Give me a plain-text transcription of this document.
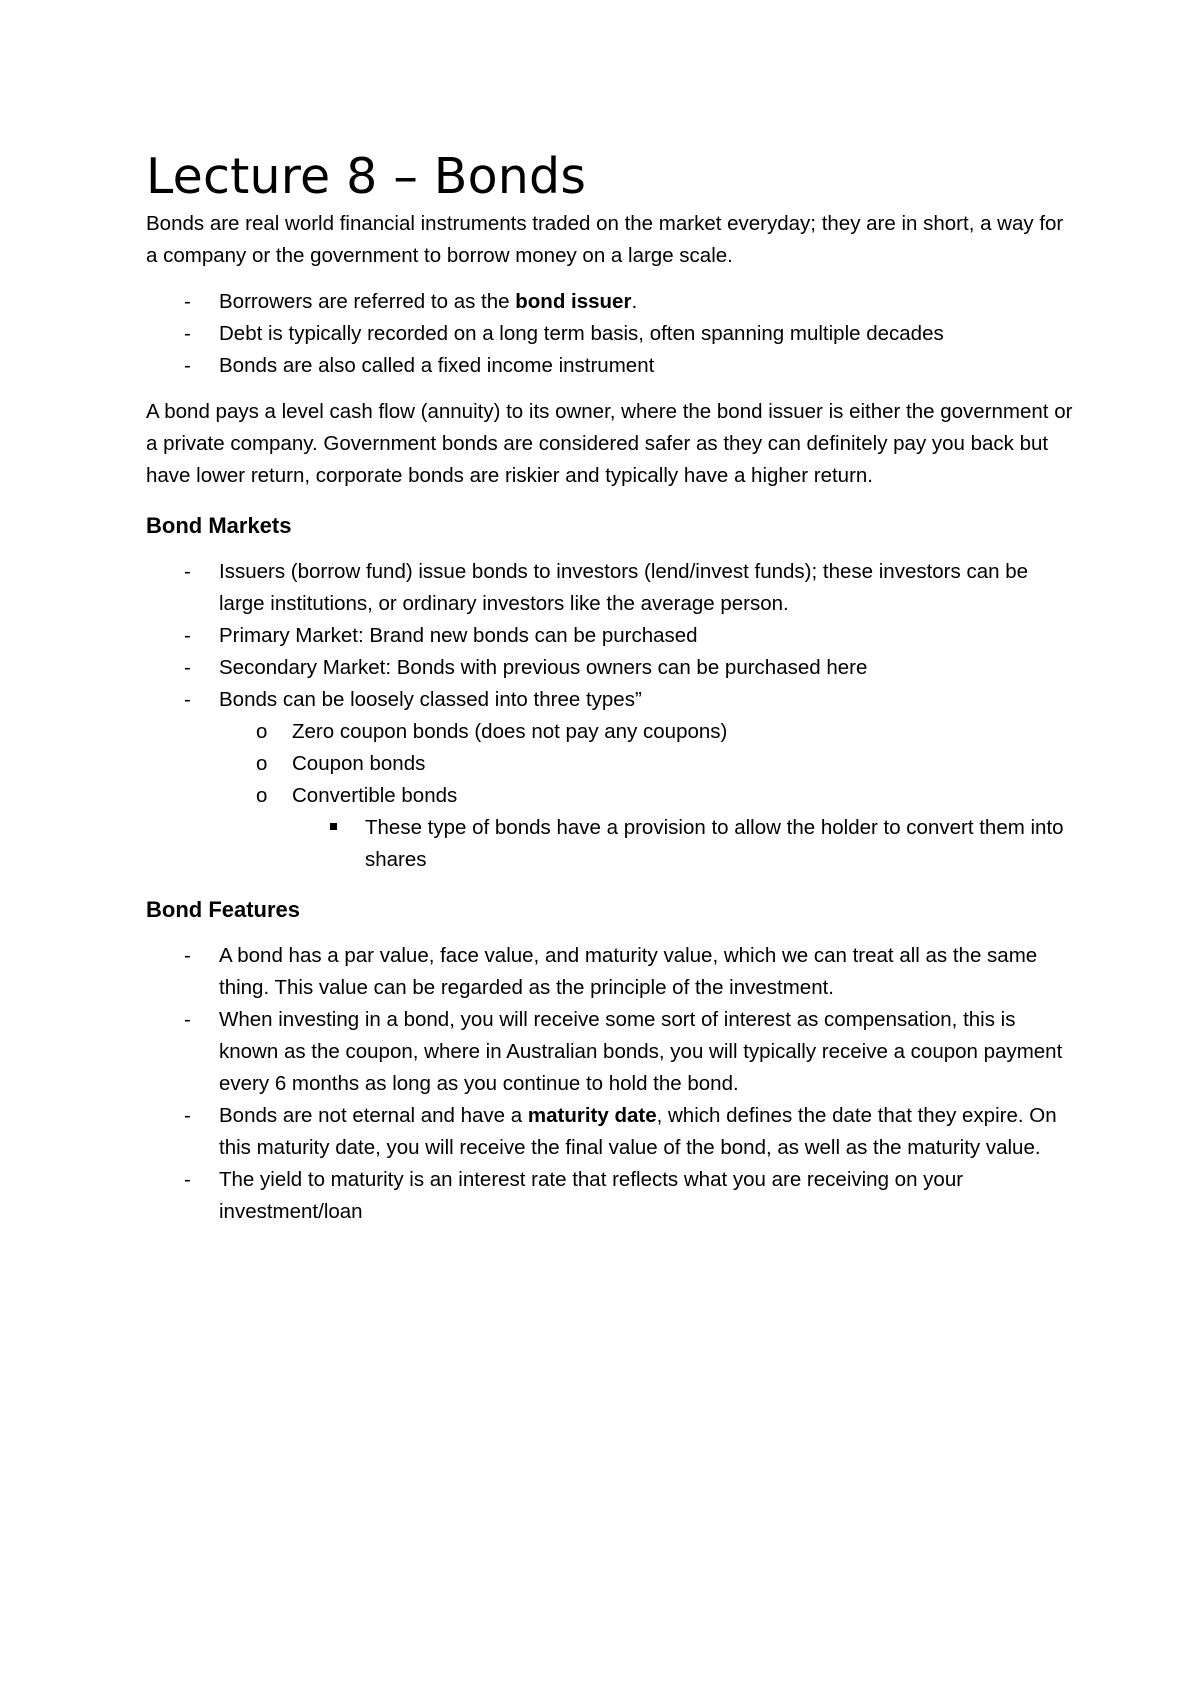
Lecture 8 – Bonds

Bonds are real world financial instruments traded on the market everyday; they are in short, a way for a company or the government to borrow money on a large scale.

- Borrowers are referred to as the bond issuer.
- Debt is typically recorded on a long term basis, often spanning multiple decades
- Bonds are also called a fixed income instrument

A bond pays a level cash flow (annuity) to its owner, where the bond issuer is either the government or a private company. Government bonds are considered safer as they can definitely pay you back but have lower return, corporate bonds are riskier and typically have a higher return.

Bond Markets
- Issuers (borrow fund) issue bonds to investors (lend/invest funds); these investors can be large institutions, or ordinary investors like the average person.
- Primary Market: Brand new bonds can be purchased
- Secondary Market: Bonds with previous owners can be purchased here
- Bonds can be loosely classed into three types”
o Zero coupon bonds (does not pay any coupons)
o Coupon bonds
o Convertible bonds
These type of bonds have a provision to allow the holder to convert them into shares
Bond Features
- A bond has a par value, face value, and maturity value, which we can treat all as the same thing. This value can be regarded as the principle of the investment.
- When investing in a bond, you will receive some sort of interest as compensation, this is known as the coupon, where in Australian bonds, you will typically receive a coupon payment every 6 months as long as you continue to hold the bond.
- Bonds are not eternal and have a maturity date, which defines the date that they expire. On this maturity date, you will receive the final value of the bond, as well as the maturity value.
- The yield to maturity is an interest rate that reflects what you are receiving on your investment/loan
